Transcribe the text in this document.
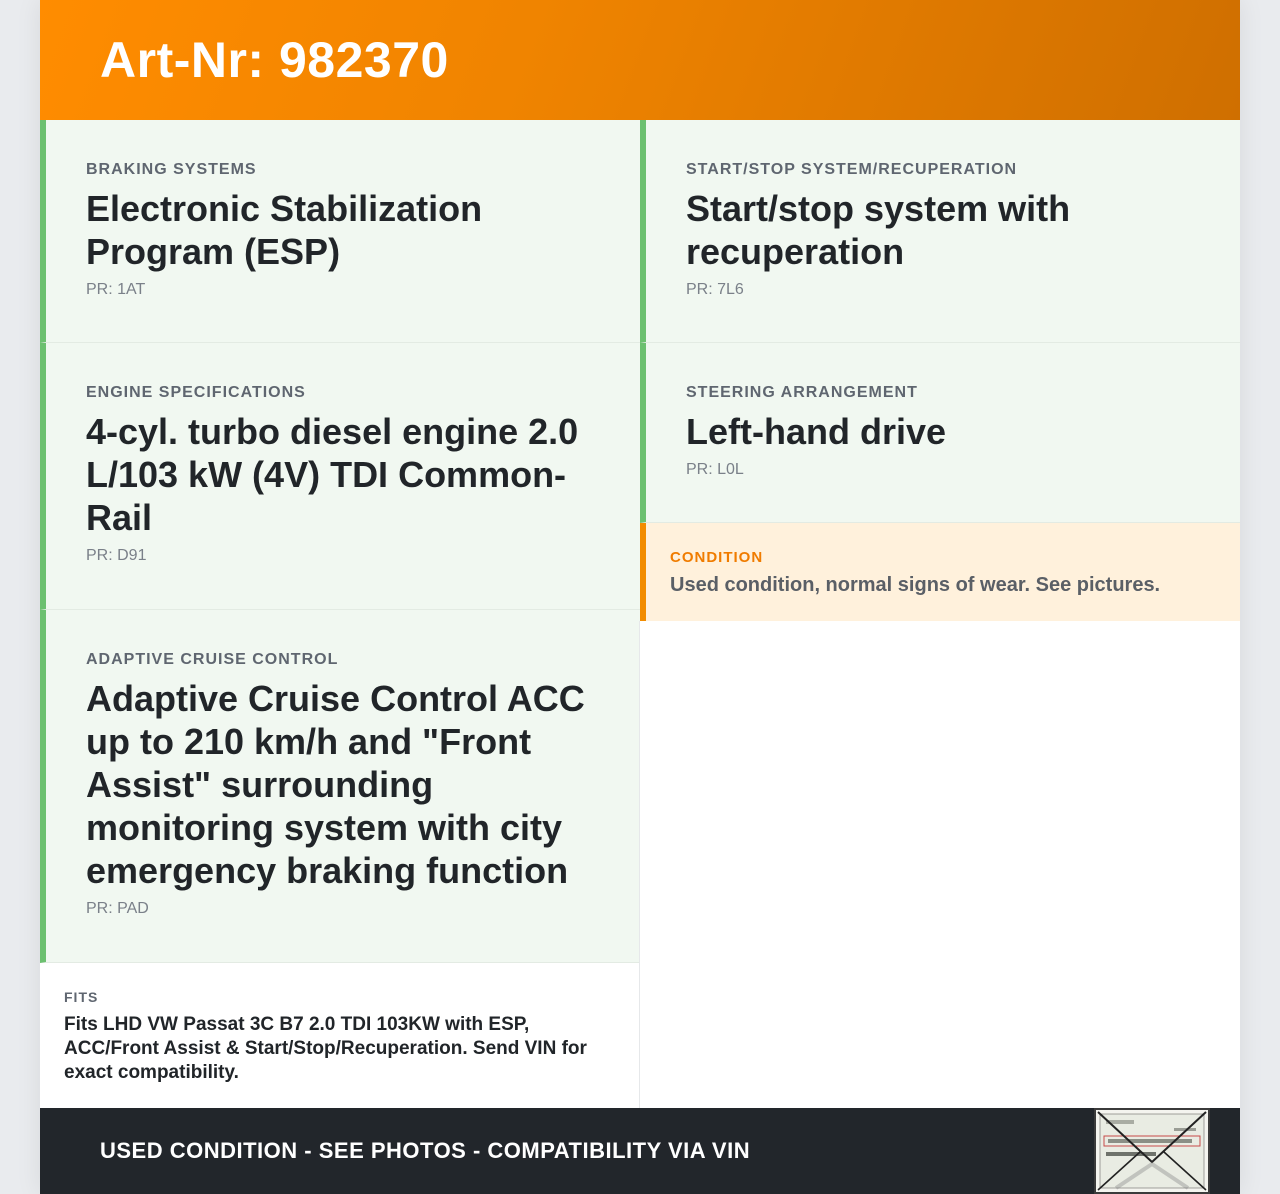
Art-Nr: 982370
BRAKING SYSTEMS
Electronic Stabilization Program (ESP)
PR: 1AT
ENGINE SPECIFICATIONS
4-cyl. turbo diesel engine 2.0 L/103 kW (4V) TDI Common-Rail
PR: D91
ADAPTIVE CRUISE CONTROL
Adaptive Cruise Control ACC up to 210 km/h and "Front Assist" surrounding monitoring system with city emergency braking function
PR: PAD
START/STOP SYSTEM/RECUPERATION
Start/stop system with recuperation
PR: 7L6
STEERING ARRANGEMENT
Left-hand drive
PR: L0L
CONDITION
Used condition, normal signs of wear. See pictures.
FITS
Fits LHD VW Passat 3C B7 2.0 TDI 103KW with ESP, ACC/Front Assist & Start/Stop/Recuperation. Send VIN for exact compatibility.
USED CONDITION - SEE PHOTOS - COMPATIBILITY VIA VIN
